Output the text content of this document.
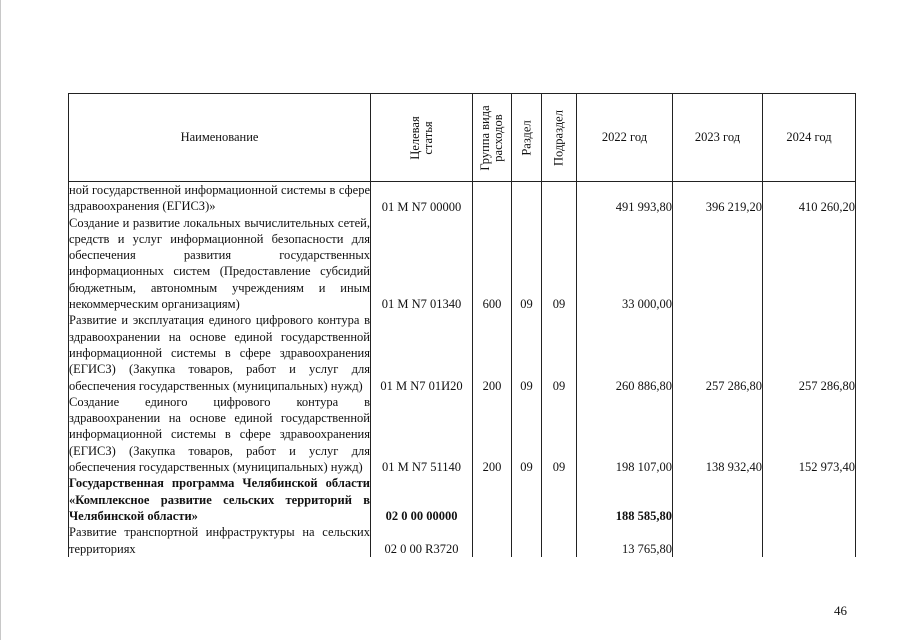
Наименование	Целевая статья	Группа вида расходов	Раздел	Подраздел	2022 год	2023 год	2024 год
ной государственной информационной системы в сфере здравоохранения (ЕГИСЗ)»	01 M N7 00000				491 993,80	396 219,20	410 260,20
Создание и развитие локальных вычислительных сетей, средств и услуг информационной безопасности для обеспечения развития государственных информационных систем (Предоставление субсидий бюджетным, автономным учреждениям и иным некоммерческим организациям)	01 M N7 01340	600	09	09	33 000,00		
Развитие и эксплуатация единого цифрового контура в здравоохранении на основе единой государственной информационной системы в сфере здравоохранения (ЕГИСЗ) (Закупка товаров, работ и услуг для обеспечения государственных (муниципальных) нужд)	01 M N7 01И20	200	09	09	260 886,80	257 286,80	257 286,80
Создание единого цифрового контура в здравоохранении на основе единой государственной информационной системы в сфере здравоохранения (ЕГИСЗ) (Закупка товаров, работ и услуг для обеспечения государственных (муниципальных) нужд)	01 M N7 51140	200	09	09	198 107,00	138 932,40	152 973,40
Государственная программа Челябинской области «Комплексное развитие сельских территорий в Челябинской области»	02 0 00 00000				188 585,80		
Развитие транспортной инфраструктуры на сельских территориях	02 0 00 R3720				13 765,80		
46
